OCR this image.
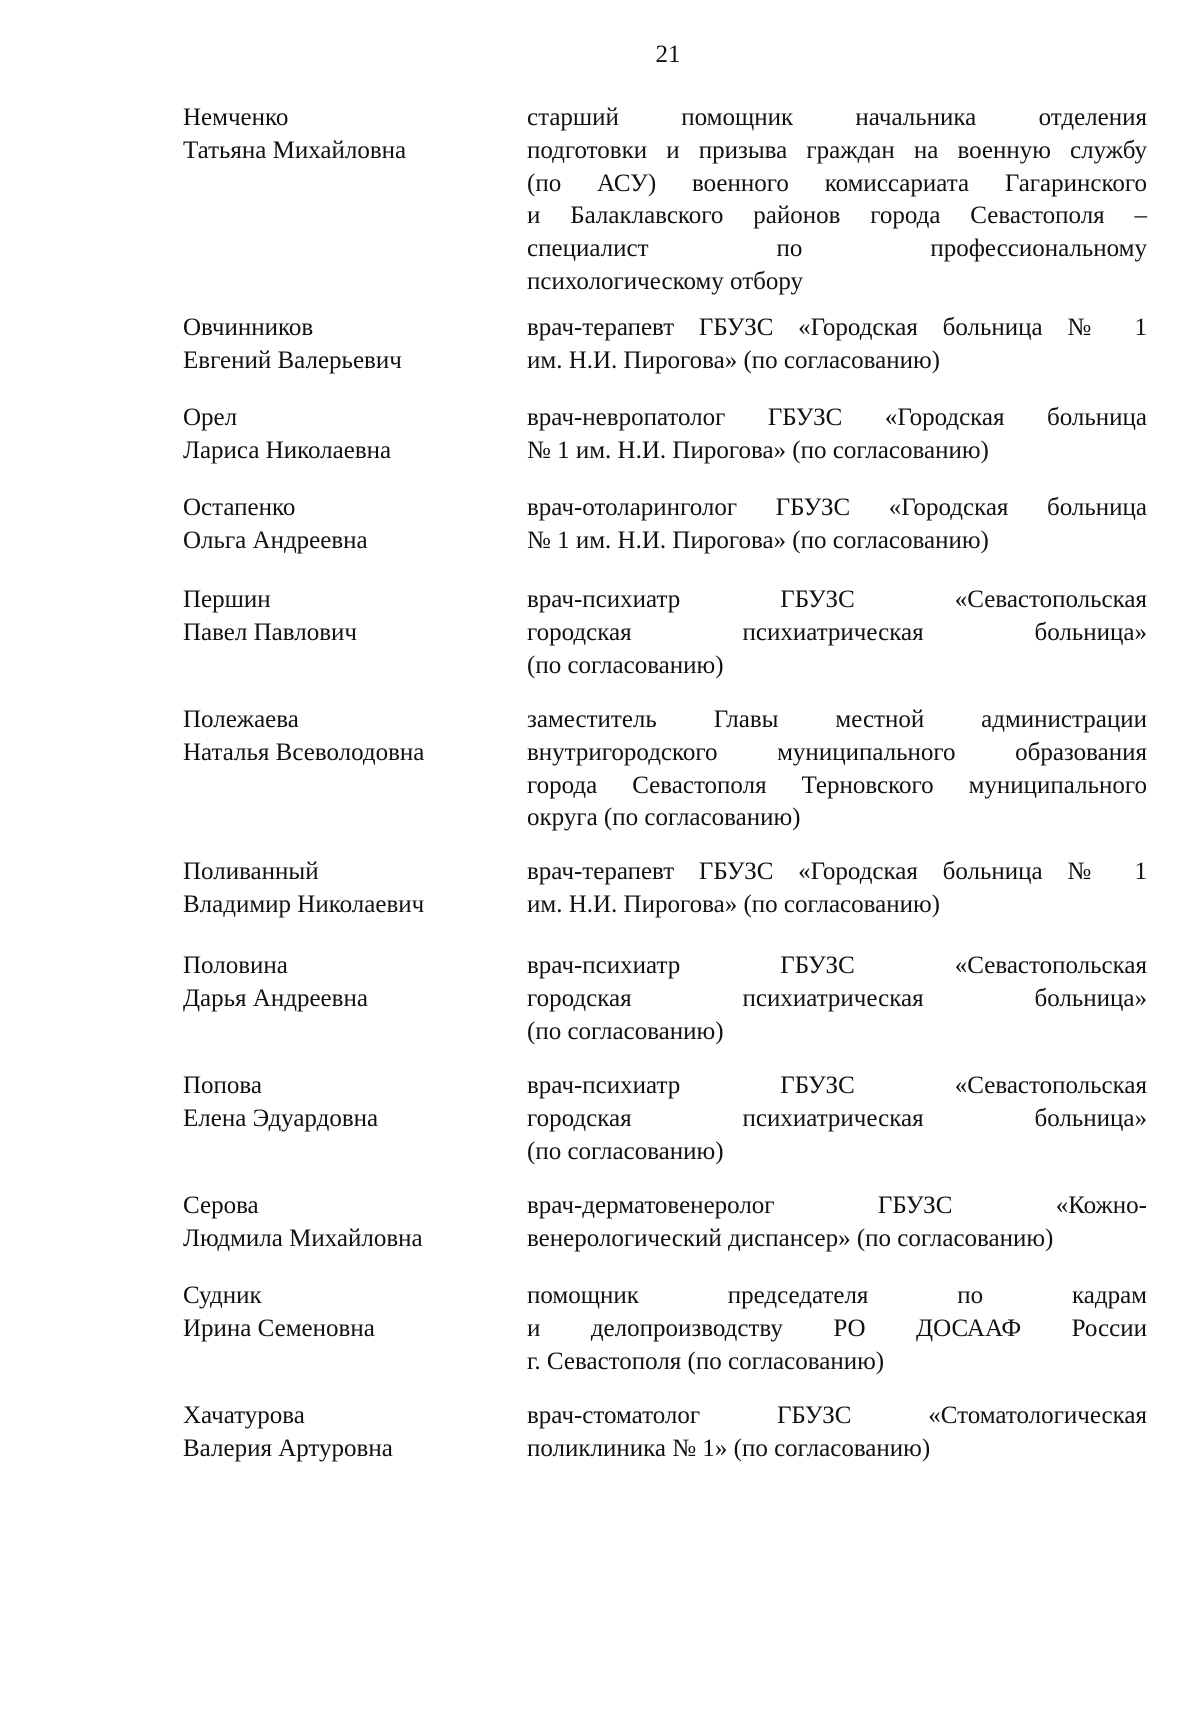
21
Немченко
Татьяна Михайловна
старший помощник начальника отделения
подготовки и призыва граждан на военную службу
(по АСУ) военного комиссариата Гагаринского
и Балаклавского районов города Севастополя –
специалист по профессиональному
психологическому отбору
Овчинников
Евгений Валерьевич
врач-терапевт ГБУЗС «Городская больница № 1
им. Н.И. Пирогова» (по согласованию)
Орел
Лариса Николаевна
врач-невропатолог ГБУЗС «Городская больница
№ 1 им. Н.И. Пирогова» (по согласованию)
Остапенко
Ольга Андреевна
врач-отоларинголог ГБУЗС «Городская больница
№ 1 им. Н.И. Пирогова» (по согласованию)
Першин
Павел Павлович
врач-психиатр ГБУЗС «Севастопольская
городская психиатрическая больница»
(по согласованию)
Полежаева
Наталья Всеволодовна
заместитель Главы местной администрации
внутригородского муниципального образования
города Севастополя Терновского муниципального
округа (по согласованию)
Поливанный
Владимир Николаевич
врач-терапевт ГБУЗС «Городская больница № 1
им. Н.И. Пирогова» (по согласованию)
Половина
Дарья Андреевна
врач-психиатр ГБУЗС «Севастопольская
городская психиатрическая больница»
(по согласованию)
Попова
Елена Эдуардовна
врач-психиатр ГБУЗС «Севастопольская
городская психиатрическая больница»
(по согласованию)
Серова
Людмила Михайловна
врач-дерматовенеролог ГБУЗС «Кожно-
венерологический диспансер» (по согласованию)
Судник
Ирина Семеновна
помощник председателя по кадрам
и делопроизводству РО ДОСААФ России
г. Севастополя (по согласованию)
Хачатурова
Валерия Артуровна
врач-стоматолог ГБУЗС «Стоматологическая
поликлиника № 1» (по согласованию)
